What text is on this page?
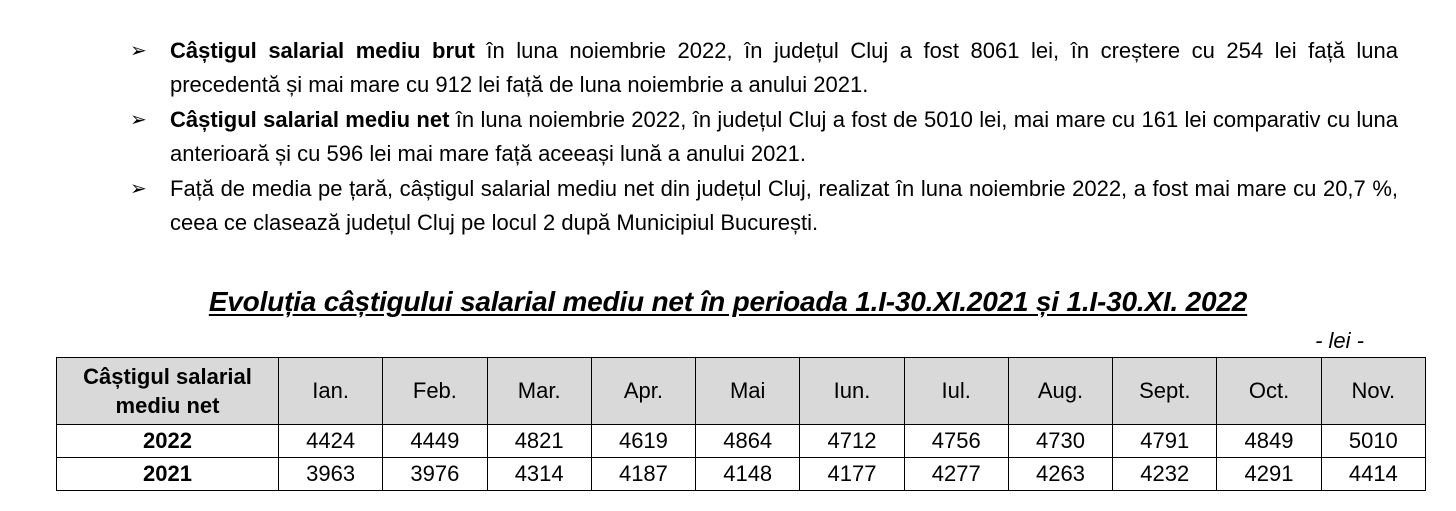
➢ Câștigul salarial mediu brut în luna noiembrie 2022, în județul Cluj a fost 8061 lei, în creștere cu 254 lei față luna precedentă și mai mare cu 912 lei față de luna noiembrie a anului 2021.
➢ Câștigul salarial mediu net în luna noiembrie 2022, în județul Cluj a fost de 5010 lei, mai mare cu 161 lei comparativ cu luna anterioară și cu 596 lei mai mare față aceeași lună a anului 2021.
➢ Față de media pe țară, câștigul salarial mediu net din județul Cluj, realizat în luna noiembrie 2022, a fost mai mare cu 20,7 %, ceea ce clasează județul Cluj pe locul 2 după Municipiul București.
Evoluția câștigului salarial mediu net în perioada 1.I-30.XI.2021 și 1.I-30.XI. 2022
- lei -
Câștigul salarial mediu net	Ian.	Feb.	Mar.	Apr.	Mai	Iun.	Iul.	Aug.	Sept.	Oct.	Nov.
2022	4424	4449	4821	4619	4864	4712	4756	4730	4791	4849	5010
2021	3963	3976	4314	4187	4148	4177	4277	4263	4232	4291	4414
